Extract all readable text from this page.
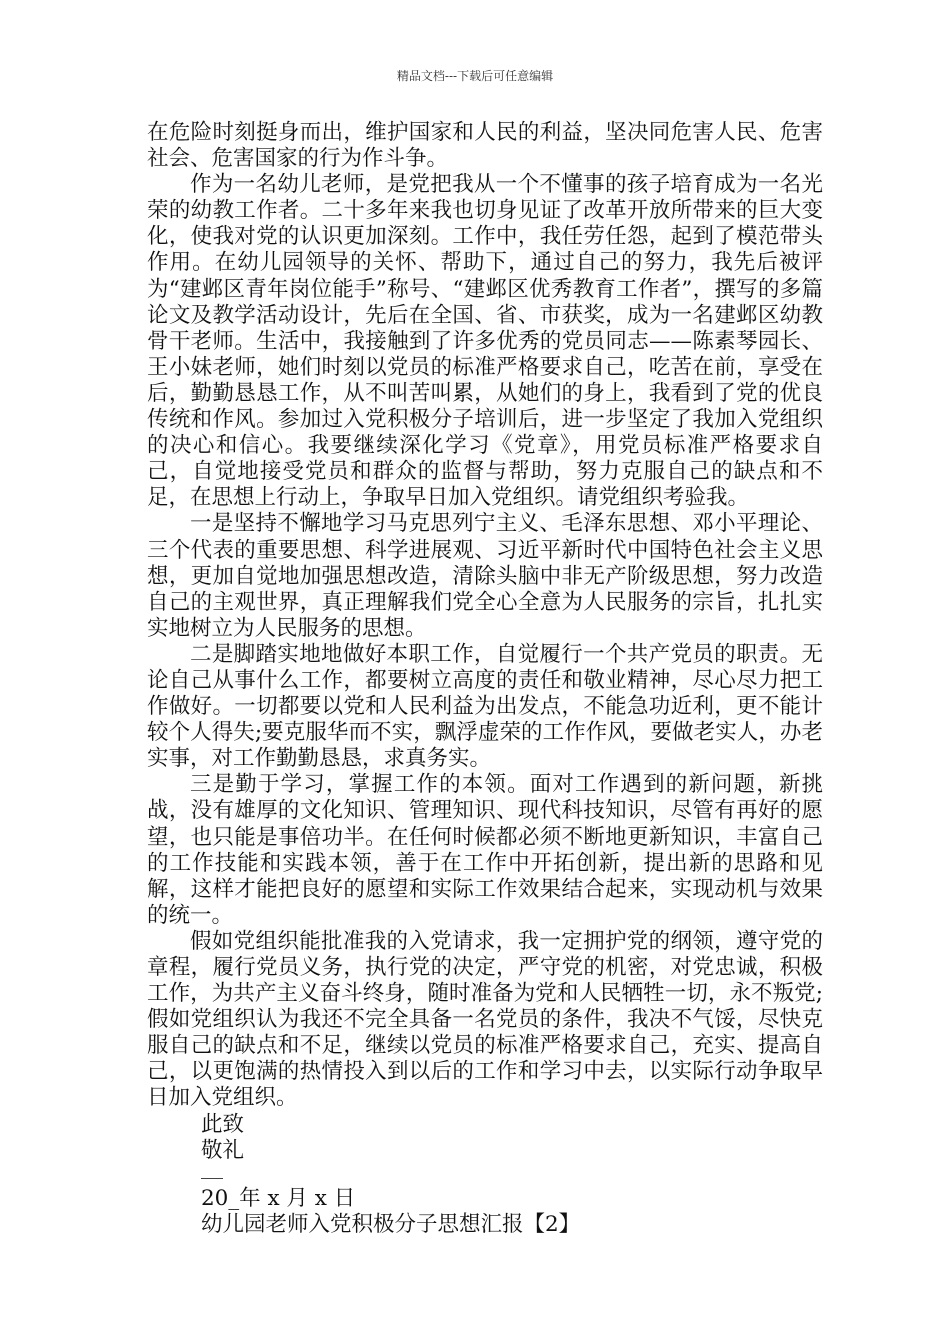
精品文档---下载后可任意编辑

在危险时刻挺身而出，维护国家和人民的利益，坚决同危害人民、危害社会、危害国家的行为作斗争。

作为一名幼儿老师，是党把我从一个不懂事的孩子培育成为一名光荣的幼教工作者。二十多年来我也切身见证了改革开放所带来的巨大变化，使我对党的认识更加深刻。工作中，我任劳任怨，起到了模范带头作用。在幼儿园领导的关怀、帮助下，通过自己的努力，我先后被评为“建邺区青年岗位能手”称号、“建邺区优秀教育工作者”，撰写的多篇论文及教学活动设计，先后在全国、省、市获奖，成为一名建邺区幼教骨干老师。生活中，我接触到了许多优秀的党员同志——陈素琴园长、王小妹老师，她们时刻以党员的标准严格要求自己，吃苦在前，享受在后，勤勤恳恳工作，从不叫苦叫累，从她们的身上，我看到了党的优良传统和作风。参加过入党积极分子培训后，进一步坚定了我加入党组织的决心和信心。我要继续深化学习《党章》，用党员标准严格要求自己，自觉地接受党员和群众的监督与帮助，努力克服自己的缺点和不足，在思想上行动上，争取早日加入党组织。请党组织考验我。

一是坚持不懈地学习马克思列宁主义、毛泽东思想、邓小平理论、三个代表的重要思想、科学进展观、习近平新时代中国特色社会主义思想，更加自觉地加强思想改造，清除头脑中非无产阶级思想，努力改造自己的主观世界，真正理解我们党全心全意为人民服务的宗旨，扎扎实实地树立为人民服务的思想。

二是脚踏实地地做好本职工作，自觉履行一个共产党员的职责。无论自己从事什么工作，都要树立高度的责任和敬业精神，尽心尽力把工作做好。一切都要以党和人民利益为出发点，不能急功近利，更不能计较个人得失;要克服华而不实，飘浮虚荣的工作作风，要做老实人，办老实事，对工作勤勤恳恳，求真务实。

三是勤于学习，掌握工作的本领。面对工作遇到的新问题，新挑战，没有雄厚的文化知识、管理知识、现代科技知识，尽管有再好的愿望，也只能是事倍功半。在任何时候都必须不断地更新知识，丰富自己的工作技能和实践本领，善于在工作中开拓创新，提出新的思路和见解，这样才能把良好的愿望和实际工作效果结合起来，实现动机与效果的统一。

假如党组织能批准我的入党请求，我一定拥护党的纲领，遵守党的章程，履行党员义务，执行党的决定，严守党的机密，对党忠诚，积极工作，为共产主义奋斗终身，随时准备为党和人民牺牲一切，永不叛党;假如党组织认为我还不完全具备一名党员的条件，我决不气馁，尽快克服自己的缺点和不足，继续以党员的标准严格要求自己，充实、提高自己，以更饱满的热情投入到以后的工作和学习中去，以实际行动争取早日加入党组织。

此致

敬礼

20_年 x 月 x 日

幼儿园老师入党积极分子思想汇报【2】
